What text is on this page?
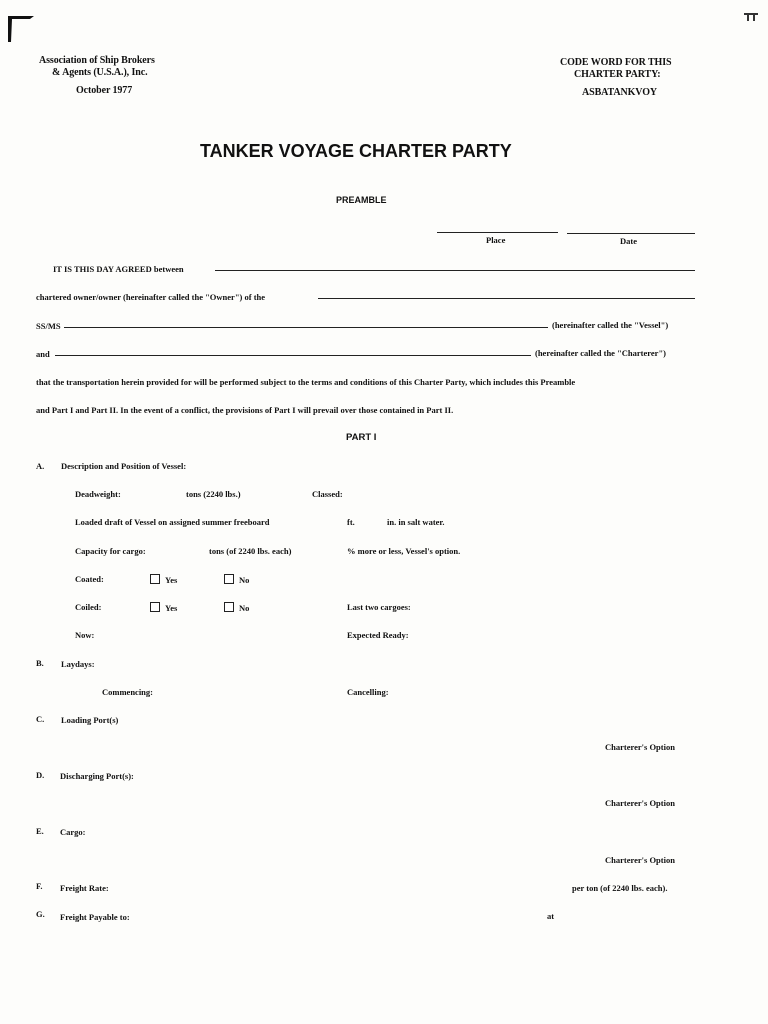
Association of Ship Brokers
& Agents (U.S.A.), Inc.
October 1977
CODE WORD FOR THIS
CHARTER PARTY:
ASBATANKVOY
TANKER VOYAGE CHARTER PARTY
PREAMBLE
Place	Date
IT IS THIS DAY AGREED between
chartered owner/owner (hereinafter called the "Owner") of the
SS/MS	(hereinafter called the "Vessel")
and	(hereinafter called the "Charterer")
that the transportation herein provided for will be performed subject to the terms and conditions of this Charter Party, which includes this Preamble
and Part I and Part II. In the event of a conflict, the provisions of Part I will prevail over those contained in Part II.
PART I
A. Description and Position of Vessel:
Deadweight:	tons (2240 lbs.)	Classed:
Loaded draft of Vessel on assigned summer freeboard	ft.	in. in salt water.
Capacity for cargo:	tons (of 2240 lbs. each)	% more or less, Vessel's option.
Coated:	Yes	No
Coiled:	Yes	No	Last two cargoes:
Now:	Expected Ready:
B. Laydays:
Commencing:	Cancelling:
C. Loading Port(s)
Charterer's Option
D. Discharging Port(s):
Charterer's Option
E. Cargo:
Charterer's Option
F. Freight Rate:	per ton (of 2240 lbs. each).
G. Freight Payable to:	at
